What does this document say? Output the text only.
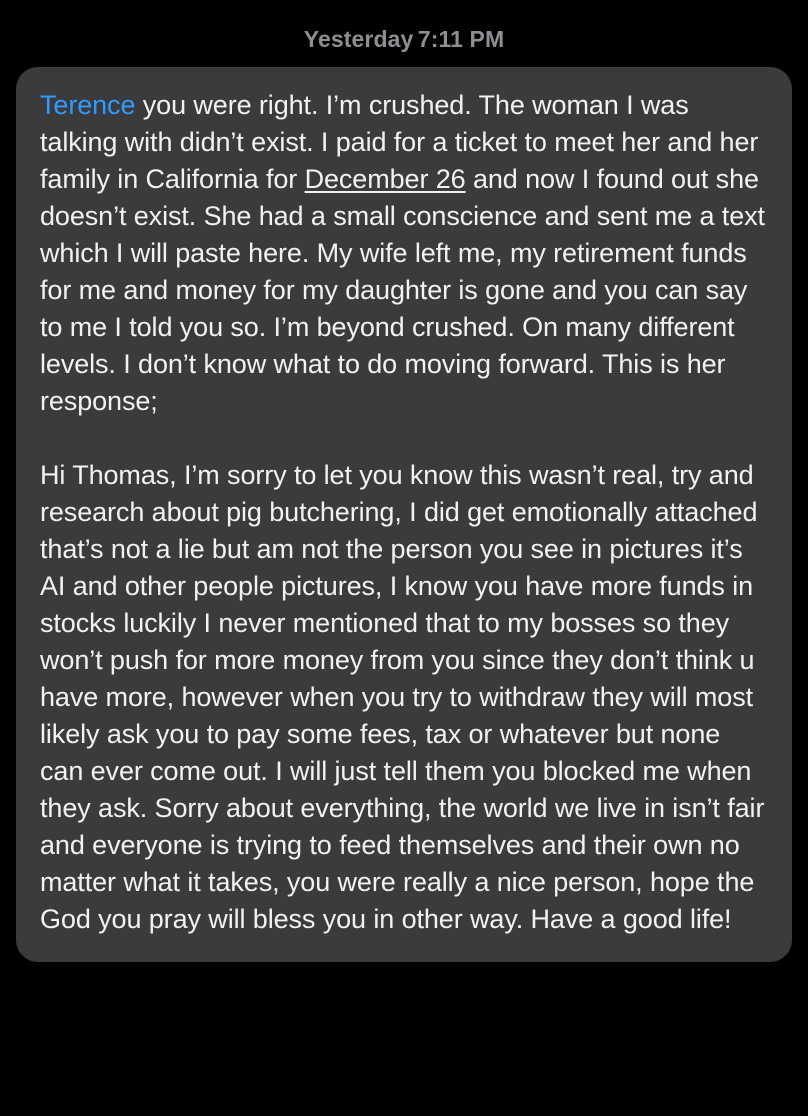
Yesterday 7:11 PM

Terence you were right. I’m crushed. The woman I was talking with didn’t exist. I paid for a ticket to meet her and her family in California for December 26 and now I found out she doesn’t exist. She had a small conscience and sent me a text which I will paste here. My wife left me, my retirement funds for me and money for my daughter is gone and you can say to me I told you so. I’m beyond crushed. On many different levels. I don’t know what to do moving forward. This is her response;

Hi Thomas, I’m sorry to let you know this wasn’t real, try and research about pig butchering, I did get emotionally attached that’s not a lie but am not the person you see in pictures it’s AI and other people pictures, I know you have more funds in stocks luckily I never mentioned that to my bosses so they won’t push for more money from you since they don’t think u have more, however when you try to withdraw they will most likely ask you to pay some fees, tax or whatever but none can ever come out. I will just tell them you blocked me when they ask. Sorry about everything, the world we live in isn’t fair and everyone is trying to feed themselves and their own no matter what it takes, you were really a nice person, hope the God you pray will bless you in other way. Have a good life!
